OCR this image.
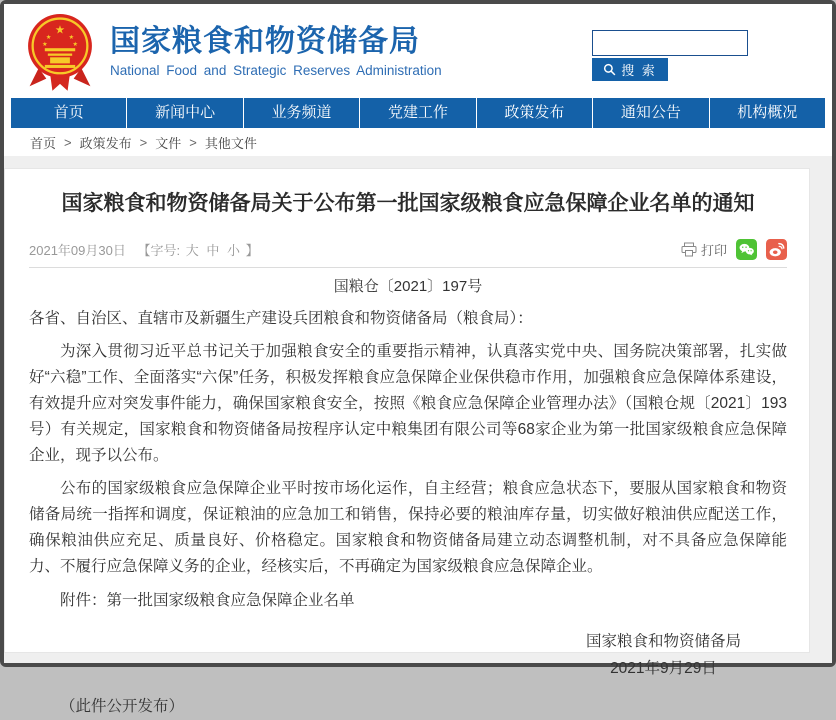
★
★ ★
★	★ 国家粮食和物资储备局
National Food and Strategic Reserves Administration	搜 索
首页	新闻中心	业务频道	党建工作	政策发布	通知公告	机构概况
首页 > 政策发布 > 文件 > 其他文件
国家粮食和物资储备局关于公布第一批国家级粮食应急保障企业名单的通知
2021年09月30日 【字号: 大 中 小 】	打印

国粮仓〔2021〕197号

各省、自治区、直辖市及新疆生产建设兵团粮食和物资储备局（粮食局）：

为深入贯彻习近平总书记关于加强粮食安全的重要指示精神，认真落实党中央、国务院决策部署，扎实做好“六稳”工作、全面落实“六保”任务，积极发挥粮食应急保障企业保供稳市作用，加强粮食应急保障体系建设，有效提升应对突发事件能力，确保国家粮食安全，按照《粮食应急保障企业管理办法》（国粮仓规〔2021〕193号）有关规定，国家粮食和物资储备局按程序认定中粮集团有限公司等68家企业为第一批国家级粮食应急保障企业，现予以公布。

公布的国家级粮食应急保障企业平时按市场化运作，自主经营；粮食应急状态下，要服从国家粮食和物资储备局统一指挥和调度，保证粮油的应急加工和销售，保持必要的粮油库存量，切实做好粮油供应配送工作，确保粮油供应充足、质量良好、价格稳定。国家粮食和物资储备局建立动态调整机制，对不具备应急保障能力、不履行应急保障义务的企业，经核实后，不再确定为国家级粮食应急保障企业。

附件：第一批国家级粮食应急保障企业名单

国家粮食和物资储备局
2021年9月29日

（此件公开发布）
